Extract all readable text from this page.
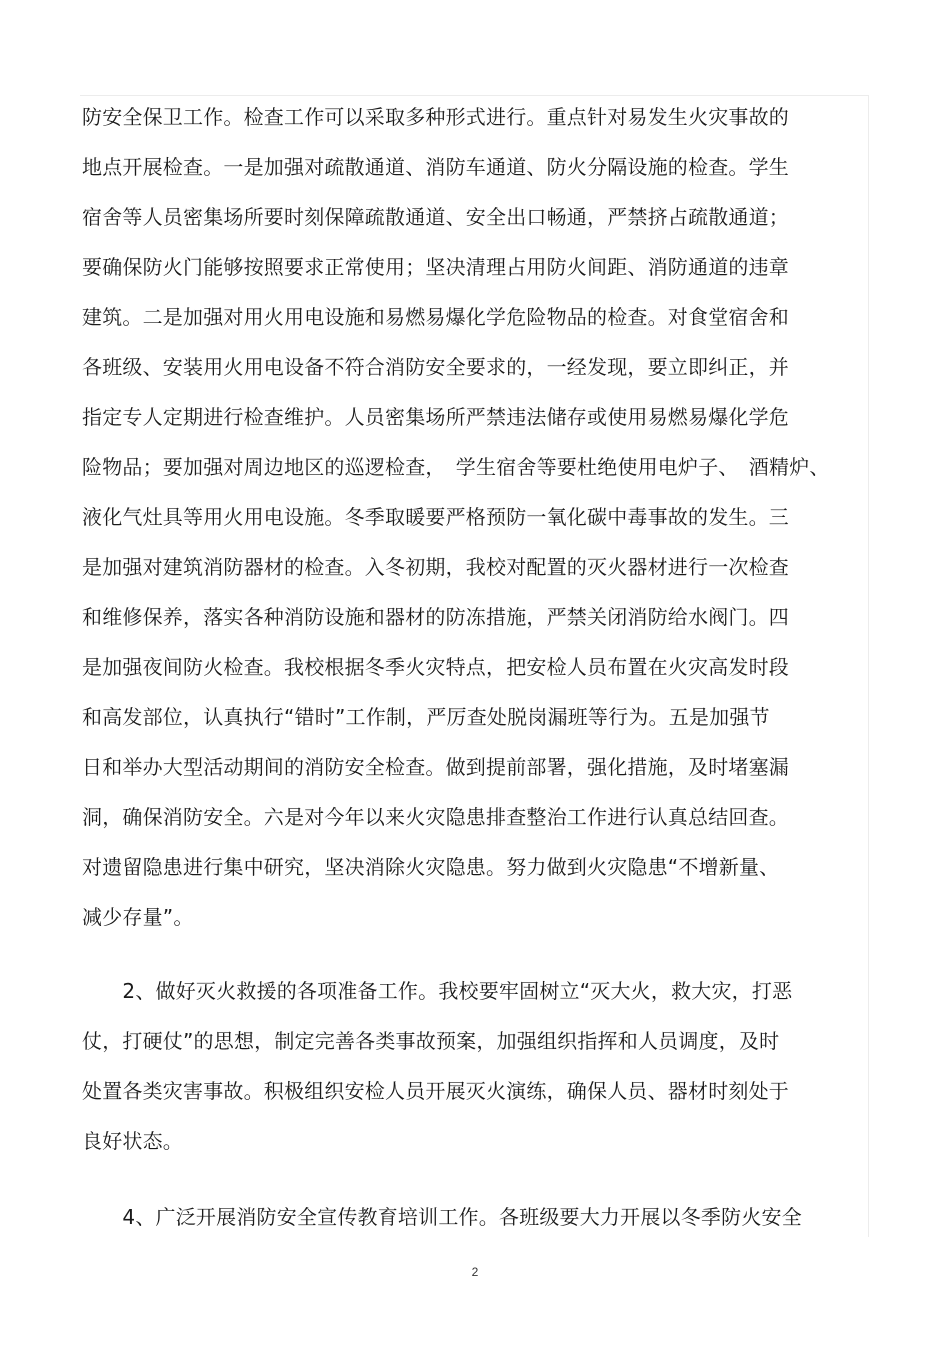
防安全保卫工作。检查工作可以采取多种形式进行。重点针对易发生火灾事故的
地点开展检查。一是加强对疏散通道、消防车通道、防火分隔设施的检查。学生
宿舍等人员密集场所要时刻保障疏散通道、安全出口畅通，严禁挤占疏散通道；
要确保防火门能够按照要求正常使用；坚决清理占用防火间距、消防通道的违章
建筑。二是加强对用火用电设施和易燃易爆化学危险物品的检查。对食堂宿舍和
各班级、安装用火用电设备不符合消防安全要求的，一经发现，要立即纠正，并
指定专人定期进行检查维护。人员密集场所严禁违法储存或使用易燃易爆化学危
险物品；要加强对周边地区的巡逻检查，　学生宿舍等要杜绝使用电炉子、　酒精炉、
液化气灶具等用火用电设施。冬季取暖要严格预防一氧化碳中毒事故的发生。三
是加强对建筑消防器材的检查。入冬初期，我校对配置的灭火器材进行一次检查
和维修保养，落实各种消防设施和器材的防冻措施，严禁关闭消防给水阀门。四
是加强夜间防火检查。我校根据冬季火灾特点，把安检人员布置在火灾高发时段
和高发部位，认真执行“错时”工作制，严厉查处脱岗漏班等行为。五是加强节
日和举办大型活动期间的消防安全检查。做到提前部署，强化措施，及时堵塞漏
洞，确保消防安全。六是对今年以来火灾隐患排查整治工作进行认真总结回查。
对遗留隐患进行集中研究，坚决消除火灾隐患。努力做到火灾隐患“不增新量、
减少存量”。
　　2、做好灭火救援的各项准备工作。我校要牢固树立“灭大火，救大灾，打恶
仗，打硬仗”的思想，制定完善各类事故预案，加强组织指挥和人员调度，及时
处置各类灾害事故。积极组织安检人员开展灭火演练，确保人员、器材时刻处于
良好状态。
　　4、广泛开展消防安全宣传教育培训工作。各班级要大力开展以冬季防火安全
2
